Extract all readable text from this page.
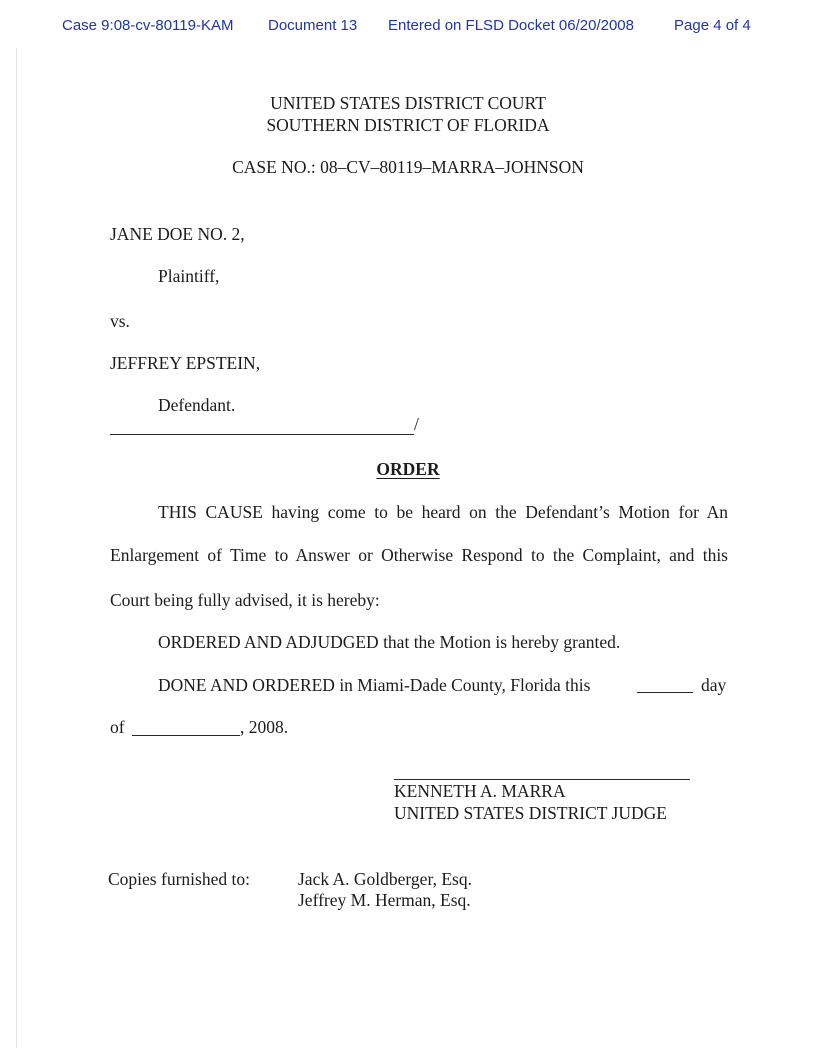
Case 9:08-cv-80119-KAM Document 13 Entered on FLSD Docket 06/20/2008	Page 4 of 4
UNITED STATES DISTRICT COURT
SOUTHERN DISTRICT OF FLORIDA
CASE NO.: 08–CV–80119–MARRA–JOHNSON
JANE DOE NO. 2,
Plaintiff,
vs.
JEFFREY EPSTEIN,
Defendant.
/
ORDER
THIS CAUSE having come to be heard on the Defendant’s Motion for An
Enlargement of Time to Answer or Otherwise Respond to the Complaint, and this
Court being fully advised, it is hereby:
ORDERED AND ADJUDGED that the Motion is hereby granted.
DONE AND ORDERED in Miami-Dade County, Florida this	day
of	, 2008.
KENNETH A. MARRA
UNITED STATES DISTRICT JUDGE
Copies furnished to:	Jack A. Goldberger, Esq.
Jeffrey M. Herman, Esq.
